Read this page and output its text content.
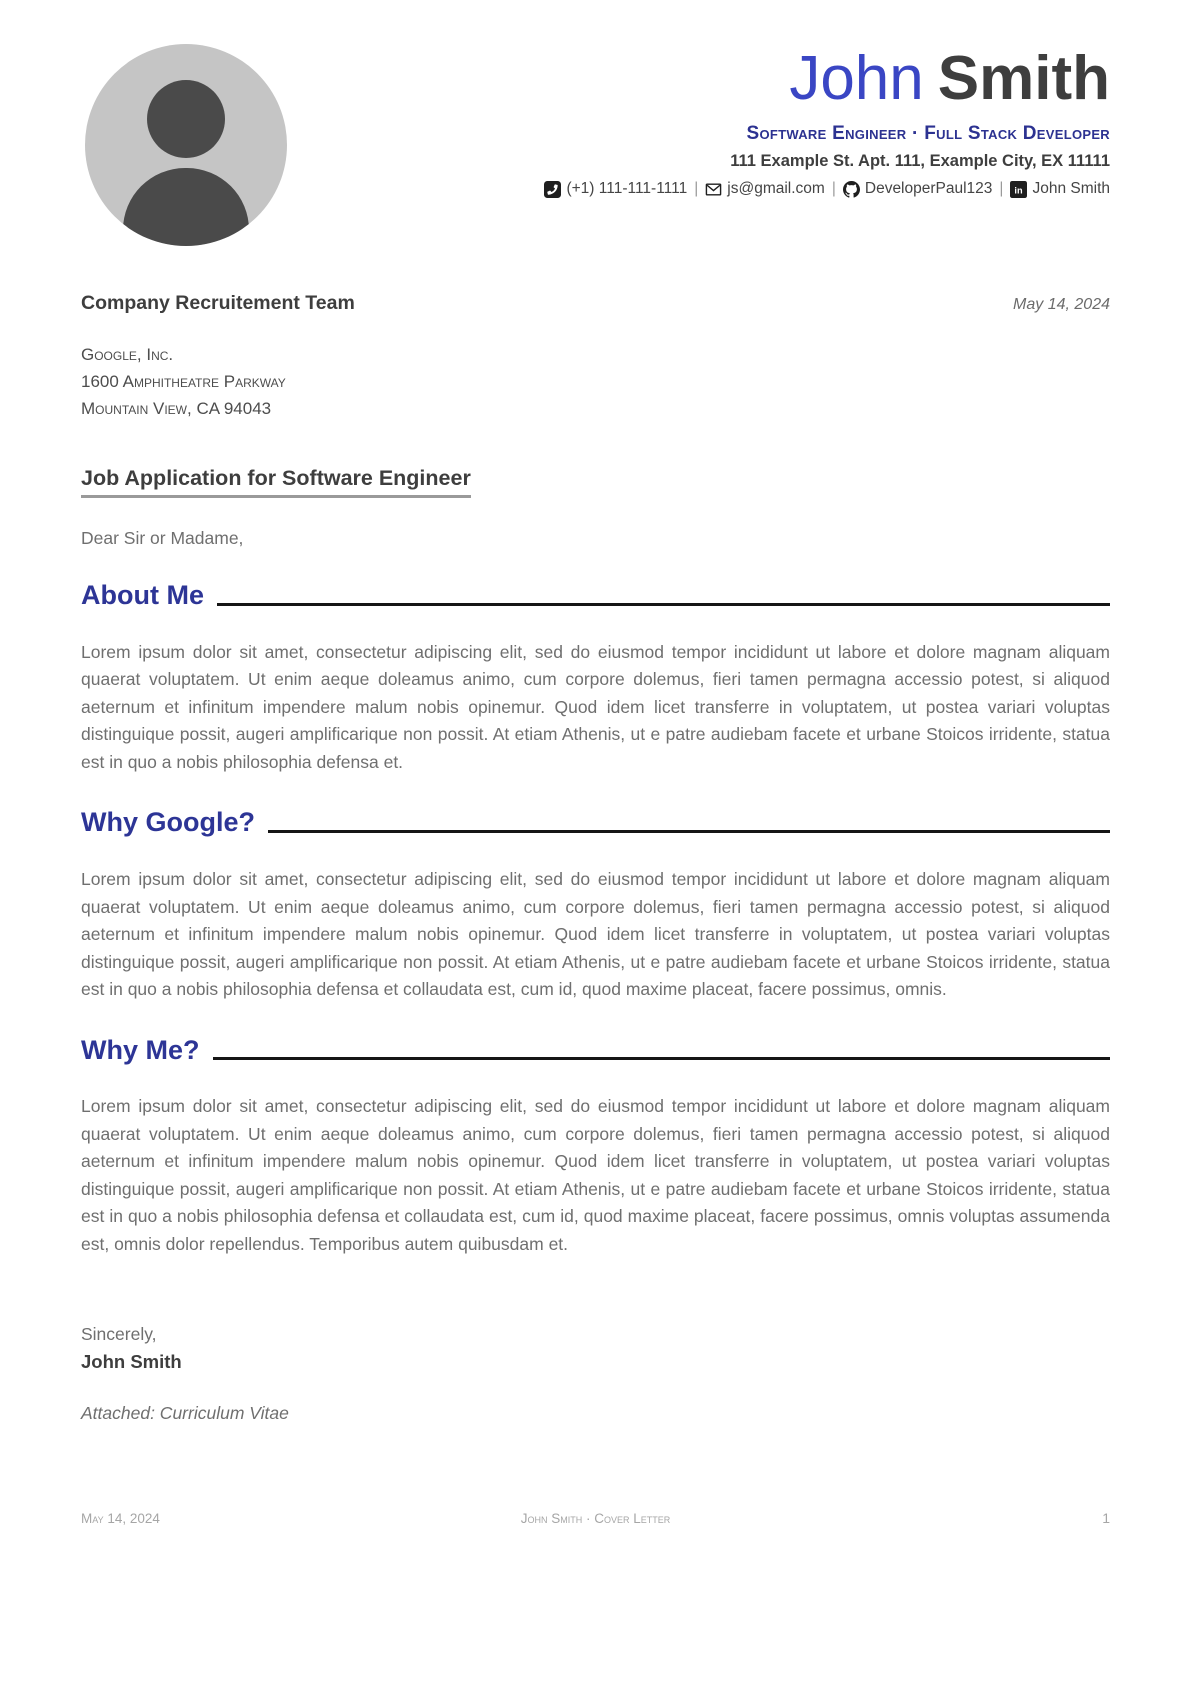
John Smith
Software Engineer · Full Stack Developer
111 Example St. Apt. 111, Example City, EX 11111
(+1) 111-111-1111 | js@gmail.com | DeveloperPaul123 | in John Smith
Company Recruitement Team	May 14, 2024
Google, Inc.
1600 Amphitheatre Parkway
Mountain View, CA 94043
Job Application for Software Engineer
Dear Sir or Madame,
About Me

Lorem ipsum dolor sit amet, consectetur adipiscing elit, sed do eiusmod tempor incididunt ut labore et dolore magnam aliquam quaerat voluptatem. Ut enim aeque doleamus animo, cum corpore dolemus, fieri tamen permagna accessio potest, si aliquod aeternum et infinitum impendere malum nobis opinemur. Quod idem licet transferre in voluptatem, ut postea variari voluptas distinguique possit, augeri amplificarique non possit. At etiam Athenis, ut e patre audiebam facete et urbane Stoicos irridente, statua est in quo a nobis philosophia defensa et.

Why Google?

Lorem ipsum dolor sit amet, consectetur adipiscing elit, sed do eiusmod tempor incididunt ut labore et dolore magnam aliquam quaerat voluptatem. Ut enim aeque doleamus animo, cum corpore dolemus, fieri tamen permagna accessio potest, si aliquod aeternum et infinitum impendere malum nobis opinemur. Quod idem licet transferre in voluptatem, ut postea variari voluptas distinguique possit, augeri amplificarique non possit. At etiam Athenis, ut e patre audiebam facete et urbane Stoicos irridente, statua est in quo a nobis philosophia defensa et collaudata est, cum id, quod maxime placeat, facere possimus, omnis.

Why Me?

Lorem ipsum dolor sit amet, consectetur adipiscing elit, sed do eiusmod tempor incididunt ut labore et dolore magnam aliquam quaerat voluptatem. Ut enim aeque doleamus animo, cum corpore dolemus, fieri tamen permagna accessio potest, si aliquod aeternum et infinitum impendere malum nobis opinemur. Quod idem licet transferre in voluptatem, ut postea variari voluptas distinguique possit, augeri amplificarique non possit. At etiam Athenis, ut e patre audiebam facete et urbane Stoicos irridente, statua est in quo a nobis philosophia defensa et collaudata est, cum id, quod maxime placeat, facere possimus, omnis voluptas assumenda est, omnis dolor repellendus. Temporibus autem quibusdam et.

Sincerely,
John Smith
Attached: Curriculum Vitae
May 14, 2024	John Smith · Cover Letter	1
